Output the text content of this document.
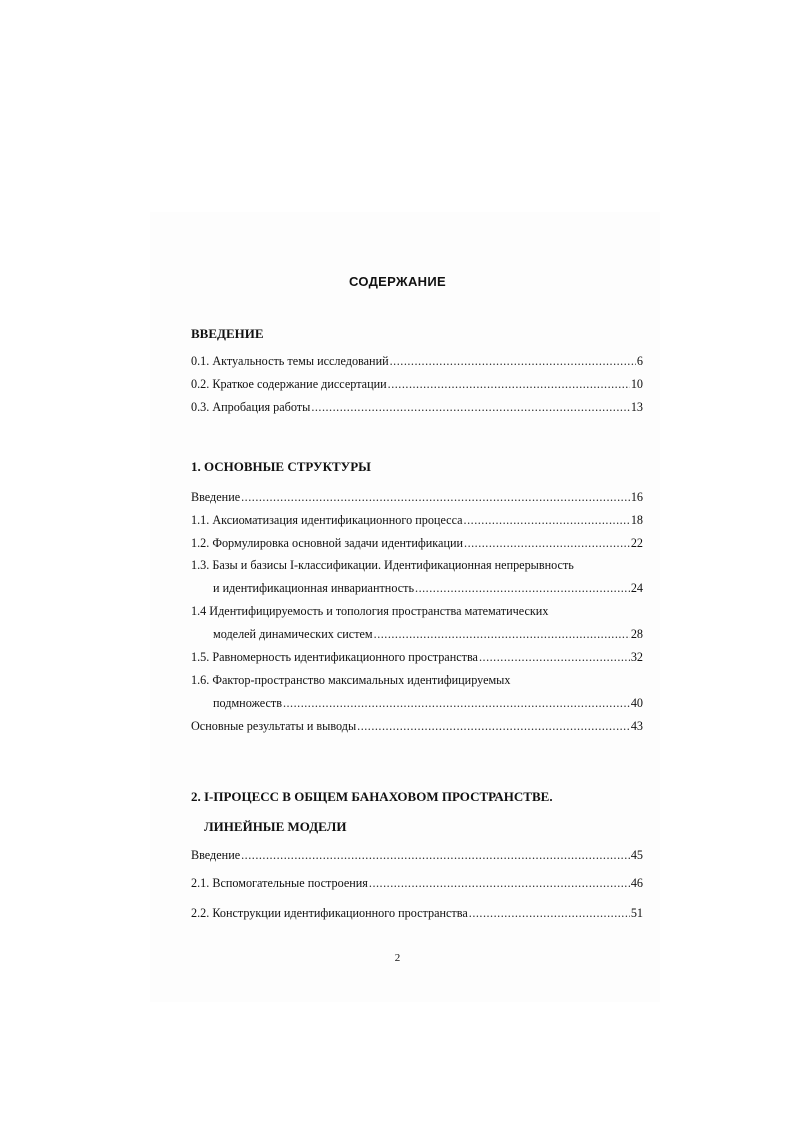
СОДЕРЖАНИЕ
ВВЕДЕНИЕ
0.1. Актуальность темы исследований .....	6
0.2. Краткое содержание диссертации .....	10
0.3. Апробация работы .....	13
1. ОСНОВНЫЕ СТРУКТУРЫ
Введение .....	16
1.1. Аксиоматизация идентификационного процесса .....	18
1.2. Формулировка основной задачи идентификации .....	22
1.3. Базы и базисы I-классификации. Идентификационная непрерывность
и идентификационная инвариантность .....	24
1.4 Идентифицируемость и топология пространства математических
моделей динамических систем .....	28
1.5. Равномерность идентификационного пространства .....	32
1.6. Фактор-пространство максимальных идентифицируемых
подмножеств .....	40
Основные результаты и выводы .....	43
2. I-ПРОЦЕСС В ОБЩЕМ БАНАХОВОМ ПРОСТРАНСТВЕ.
ЛИНЕЙНЫЕ МОДЕЛИ
Введение .....	45
2.1. Вспомогательные построения .....	46
2.2. Конструкции идентификационного пространства .....	51
2
